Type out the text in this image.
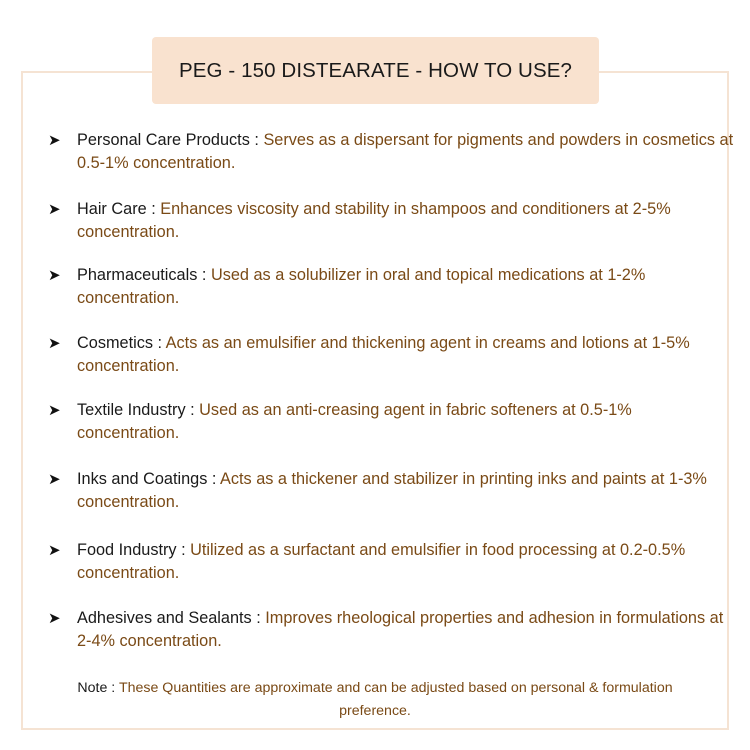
PEG - 150 DISTEARATE - HOW TO USE?
➤ Personal Care Products : Serves as a dispersant for pigments and powders in cosmetics at 0.5-1% concentration.
➤ Hair Care : Enhances viscosity and stability in shampoos and conditioners at 2-5% concentration.
➤ Pharmaceuticals : Used as a solubilizer in oral and topical medications at 1-2% concentration.
➤ Cosmetics : Acts as an emulsifier and thickening agent in creams and lotions at 1-5% concentration.
➤ Textile Industry : Used as an anti-creasing agent in fabric softeners at 0.5-1% concentration.
➤ Inks and Coatings : Acts as a thickener and stabilizer in printing inks and paints at 1-3% concentration.
➤ Food Industry : Utilized as a surfactant and emulsifier in food processing at 0.2-0.5% concentration.
➤ Adhesives and Sealants : Improves rheological properties and adhesion in formulations at 2-4% concentration.
Note : These Quantities are approximate and can be adjusted based on personal & formulation preference.
